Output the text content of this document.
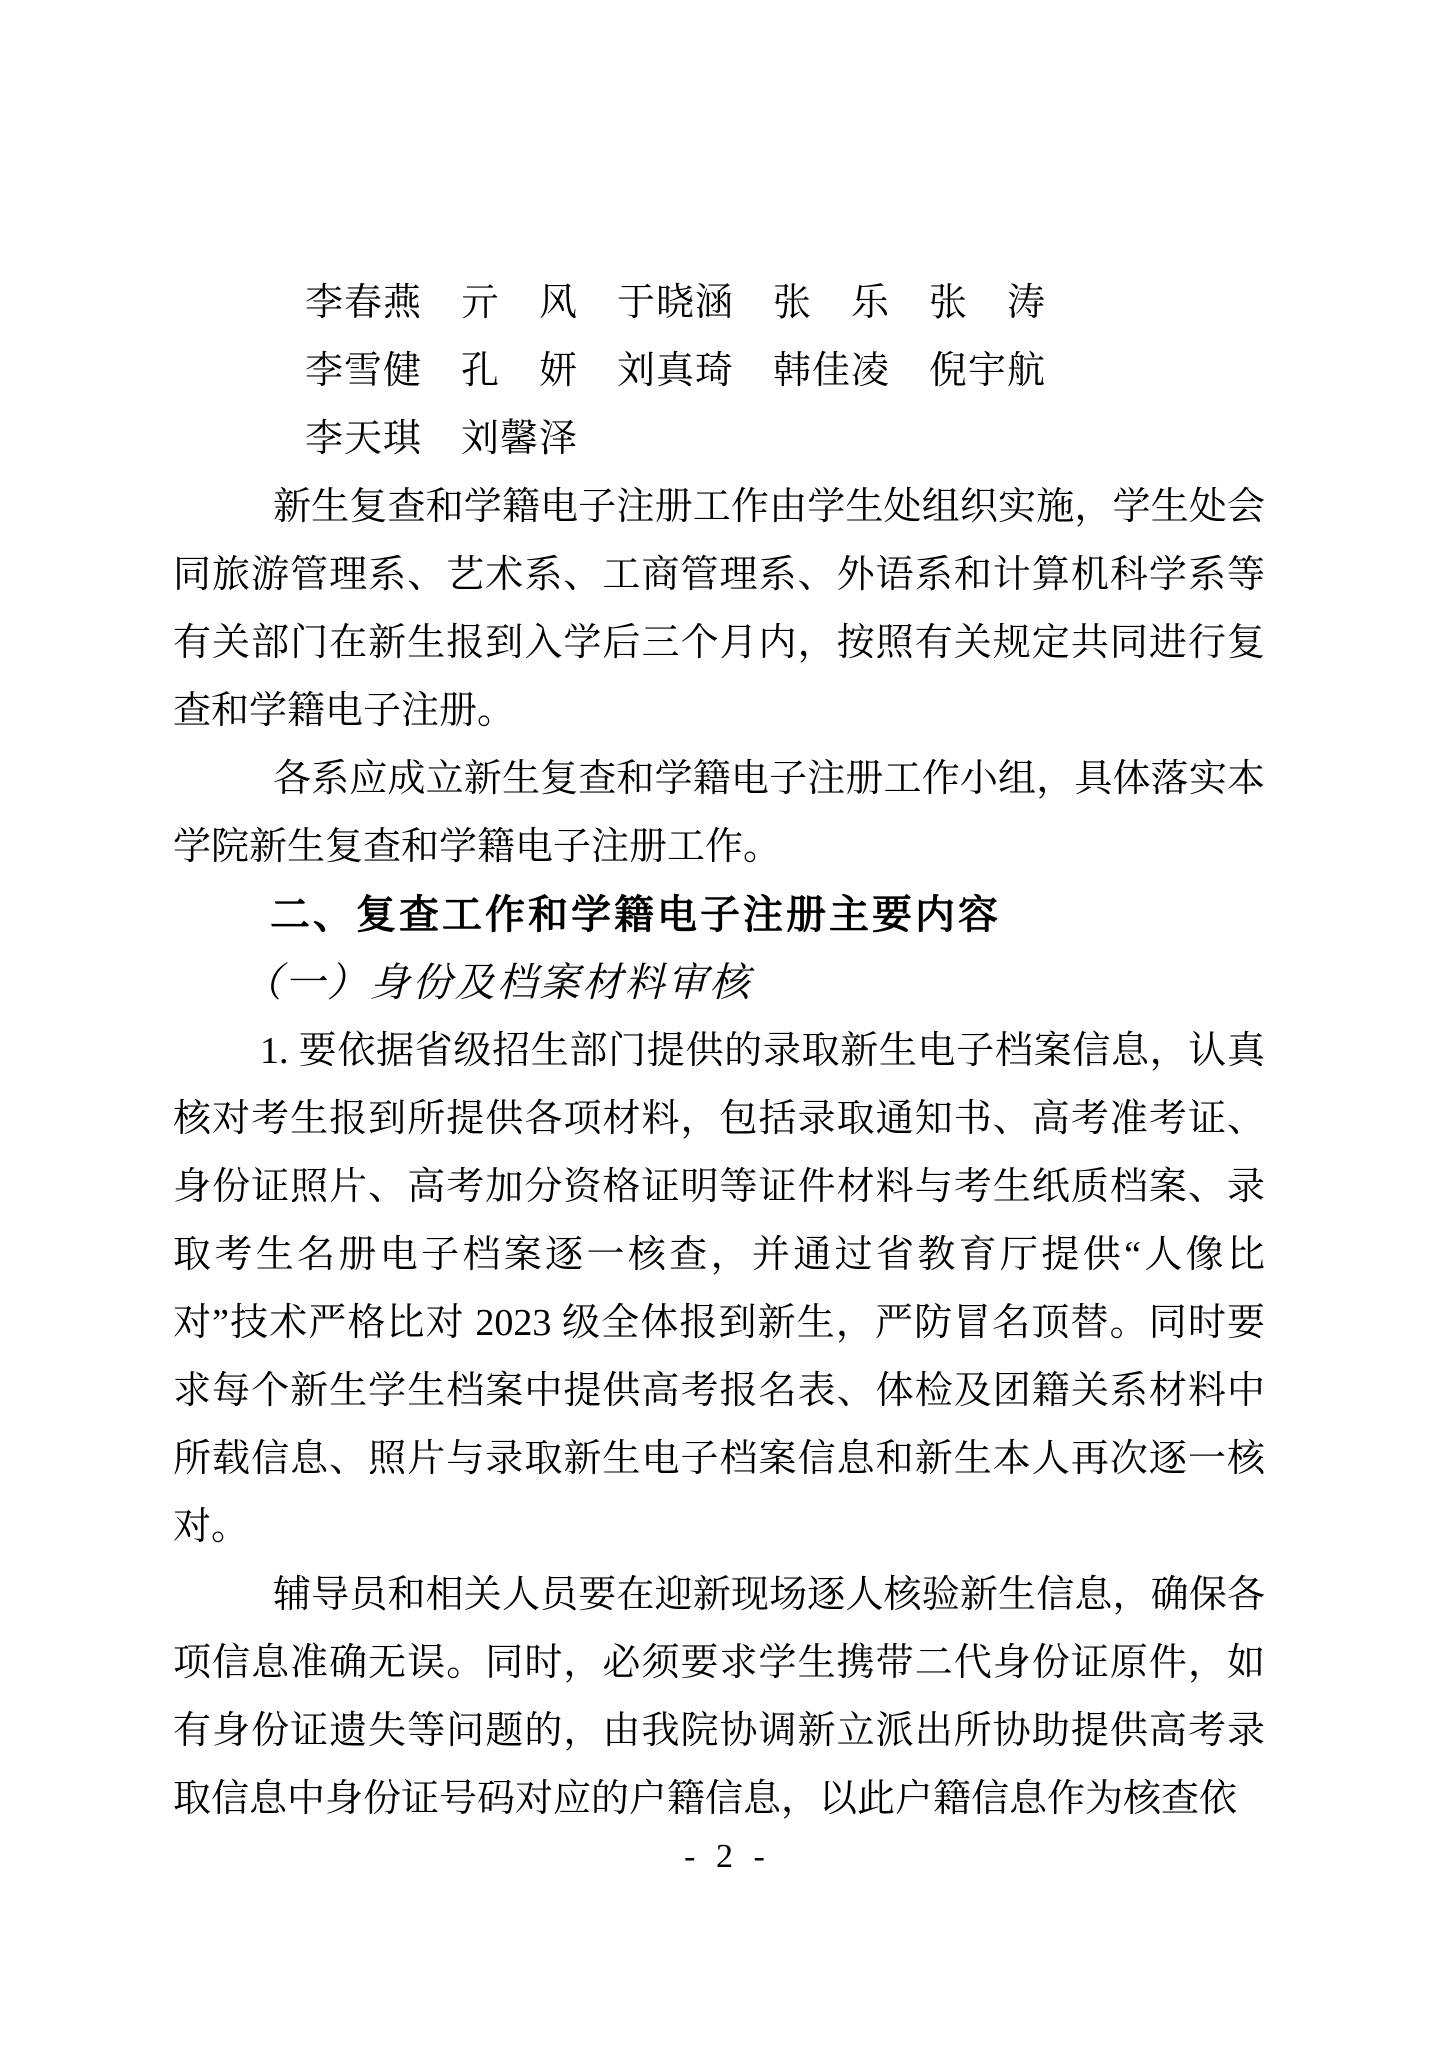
李春燕　亓　风　于晓涵　张　乐　张　涛
李雪健　孔　妍　刘真琦　韩佳凌　倪宇航
李天琪　刘馨泽

新生复查和学籍电子注册工作由学生处组织实施，学生处会同旅游管理系、艺术系、工商管理系、外语系和计算机科学系等有关部门在新生报到入学后三个月内，按照有关规定共同进行复查和学籍电子注册。

各系应成立新生复查和学籍电子注册工作小组，具体落实本学院新生复查和学籍电子注册工作。

二、复查工作和学籍电子注册主要内容
（一）身份及档案材料审核

1. 要依据省级招生部门提供的录取新生电子档案信息，认真核对考生报到所提供各项材料，包括录取通知书、高考准考证、身份证照片、高考加分资格证明等证件材料与考生纸质档案、录取考生名册电子档案逐一核查，并通过省教育厅提供“人像比对”技术严格比对 2023 级全体报到新生，严防冒名顶替。同时要求每个新生学生档案中提供高考报名表、体检及团籍关系材料中所载信息、照片与录取新生电子档案信息和新生本人再次逐一核对。

辅导员和相关人员要在迎新现场逐人核验新生信息，确保各项信息准确无误。同时，必须要求学生携带二代身份证原件，如有身份证遗失等问题的，由我院协调新立派出所协助提供高考录取信息中身份证号码对应的户籍信息，以此户籍信息作为核查依

- 2 -
